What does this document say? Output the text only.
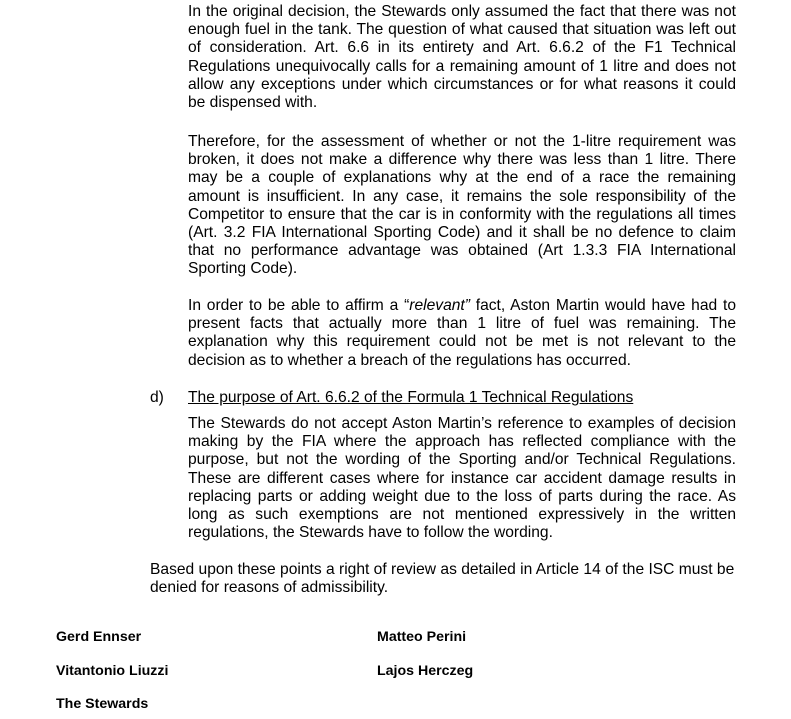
In the original decision, the Stewards only assumed the fact that there was not enough fuel in the tank. The question of what caused that situation was left out of consideration. Art. 6.6 in its entirety and Art. 6.6.2 of the F1 Technical Regulations unequivocally calls for a remaining amount of 1 litre and does not allow any exceptions under which circumstances or for what reasons it could be dispensed with.

Therefore, for the assessment of whether or not the 1-litre requirement was broken, it does not make a difference why there was less than 1 litre. There may be a couple of explanations why at the end of a race the remaining amount is insufficient. In any case, it remains the sole responsibility of the Competitor to ensure that the car is in conformity with the regulations all times (Art. 3.2 FIA International Sporting Code) and it shall be no defence to claim that no performance advantage was obtained (Art 1.3.3 FIA International Sporting Code).

In order to be able to affirm a “relevant” fact, Aston Martin would have had to present facts that actually more than 1 litre of fuel was remaining. The explanation why this requirement could not be met is not relevant to the decision as to whether a breach of the regulations has occurred.

d) The purpose of Art. 6.6.2 of the Formula 1 Technical Regulations

The Stewards do not accept Aston Martin’s reference to examples of decision making by the FIA where the approach has reflected compliance with the purpose, but not the wording of the Sporting and/or Technical Regulations. These are different cases where for instance car accident damage results in replacing parts or adding weight due to the loss of parts during the race. As long as such exemptions are not mentioned expressively in the written regulations, the Stewards have to follow the wording.

Based upon these points a right of review as detailed in Article 14 of the ISC must be denied for reasons of admissibility.

Gerd Ennser	Matteo Perini
Vitantonio Liuzzi	Lajos Herczeg
The Stewards
